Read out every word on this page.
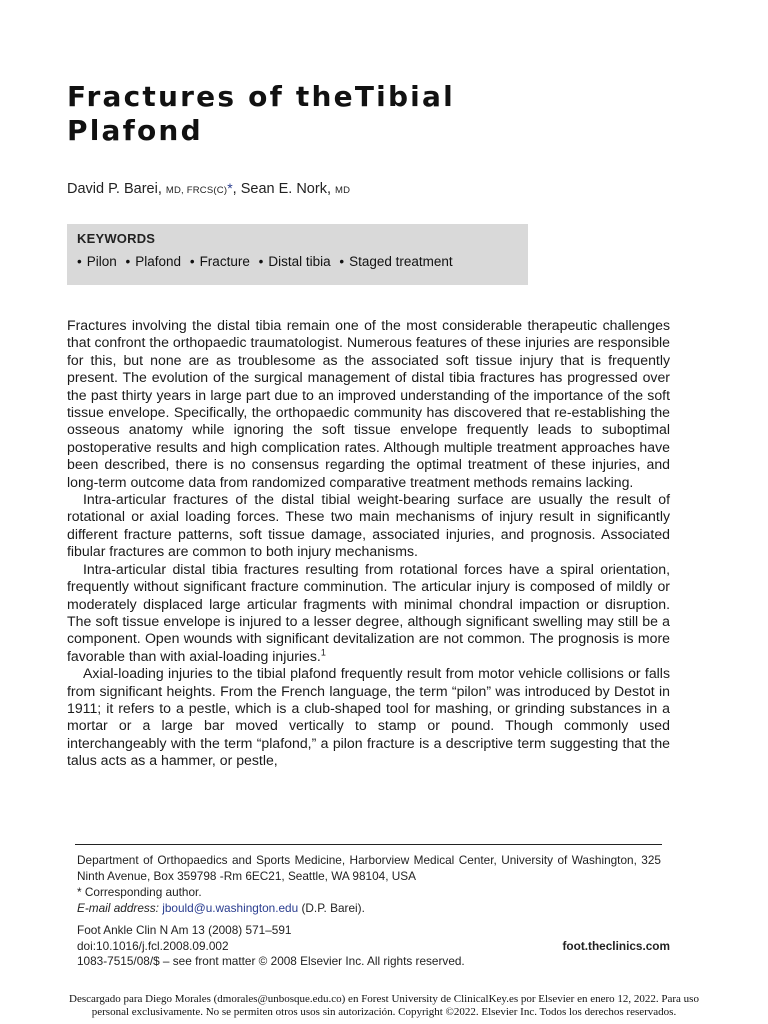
Fractures of theTibial
Plafond
David P. Barei, MD, FRCS(C)*, Sean E. Nork, MD
KEYWORDS
• Pilon • Plafond • Fracture • Distal tibia • Staged treatment

Fractures involving the distal tibia remain one of the most considerable therapeutic challenges that confront the orthopaedic traumatologist. Numerous features of these injuries are responsible for this, but none are as troublesome as the associated soft tissue injury that is frequently present. The evolution of the surgical management of distal tibia fractures has progressed over the past thirty years in large part due to an improved understanding of the importance of the soft tissue envelope. Specifically, the orthopaedic community has discovered that re-establishing the osseous anatomy while ignoring the soft tissue envelope frequently leads to suboptimal postoperative results and high complication rates. Although multiple treatment approaches have been described, there is no consensus regarding the optimal treatment of these injuries, and long-term outcome data from randomized comparative treatment methods remains lacking.

Intra-articular fractures of the distal tibial weight-bearing surface are usually the result of rotational or axial loading forces. These two main mechanisms of injury result in significantly different fracture patterns, soft tissue damage, associated injuries, and prognosis. Associated fibular fractures are common to both injury mechanisms.

Intra-articular distal tibia fractures resulting from rotational forces have a spiral orientation, frequently without significant fracture comminution. The articular injury is composed of mildly or moderately displaced large articular fragments with minimal chondral impaction or disruption. The soft tissue envelope is injured to a lesser degree, although significant swelling may still be a component. Open wounds with significant devitalization are not common. The prognosis is more favorable than with axial-loading injuries.$^1$

Axial-loading injuries to the tibial plafond frequently result from motor vehicle collisions or falls from significant heights. From the French language, the term “pilon” was introduced by Destot in 1911; it refers to a pestle, which is a club-shaped tool for mashing, or grinding substances in a mortar or a large bar moved vertically to stamp or pound. Though commonly used interchangeably with the term “plafond,” a pilon fracture is a descriptive term suggesting that the talus acts as a hammer, or pestle,

Department of Orthopaedics and Sports Medicine, Harborview Medical Center, University of Washington, 325 Ninth Avenue, Box 359798 -Rm 6EC21, Seattle, WA 98104, USA

* Corresponding author.

E-mail address: jbould@u.washington.edu (D.P. Barei).

Foot Ankle Clin N Am 13 (2008) 571–591

doi:10.1016/j.fcl.2008.09.002

1083-7515/08/$ – see front matter © 2008 Elsevier Inc. All rights reserved.

foot.theclinics.com

Descargado para Diego Morales (dmorales@unbosque.edu.co) en Forest University de ClinicalKey.es por Elsevier en enero 12, 2022. Para uso

personal exclusivamente. No se permiten otros usos sin autorización. Copyright ©2022. Elsevier Inc. Todos los derechos reservados.
